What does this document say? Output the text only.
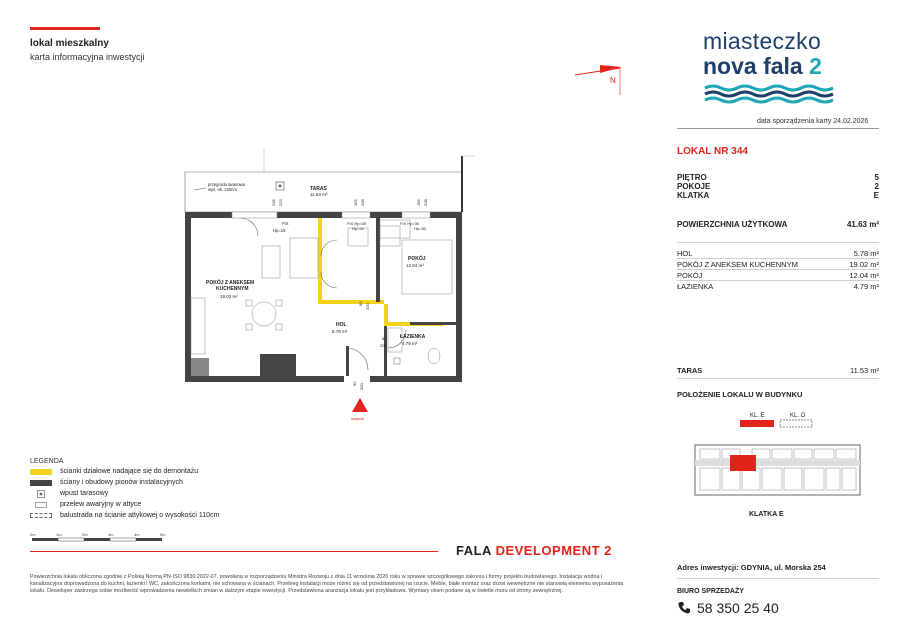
lokal mieszkalny
karta informacyjna inwestycji
N
miasteczko
nova fala 2
data sporządzenia karty 24.02.2026
LOKAL NR 344
PIĘTRO	5
POKOJE	2
KLATKA	E
POWIERZCHNIA UŻYTKOWA	41.63 m²
HOL	5.78 m²
POKÓJ Z ANEKSEM KUCHENNYM	19.02 m²
POKÓJ	12.04 m²
ŁAZIENKA	4.79 m²
TARAS	11.53 m²
POŁOŻENIE LOKALU W BUDYNKU
KL. E	KL. O
KLATKA E
przegroda tarasowa
wys. ok. 220cm	TARAS
11.53 m²
235 223	155 208	155 208
FIX
Hp=15
FIX Hp=30
Hp=30
FIX Hp=30
Hp=30
POKÓJ Z ANEKSEM
KUCHENNYM
19.02 m²
POKÓJ
12.04 m²
HOL
5.78 m²
ŁAZIENKA
4.79 m²
90 200
80
200
90 200
wejście
LEGENDA
ścianki działowe nadające się do demontażu
ściany i obudowy pionów instalacyjnych
wpust tarasowy
przelew awaryjny w attyce
balustrada na ścianie attykowej o wysokości 110cm
0m	1m	2m	3m	4m	5m
FALA DEVELOPMENT 2
Powierzchnia lokalu obliczona zgodnie z Polską Normą PN-ISO 9836:2022-07, powołaną w rozporządzeniu Ministra Rozwoju z dnia 11 września 2020 roku w sprawie szczegółowego zakresu i formy projektu budowlanego. Instalacja wodna i kanalizacyjna doprowadzona do kuchni, łazienki i WC, zakończona korkami, nie schowana w ścianach. Przebieg instalacji może różnić się od przedstawionej na rzucie. Meble, białe montaż oraz drzwi wewnętrzne nie stanowią elementu wyposażenia lokalu. Deweloper zastrzega sobie możliwość wprowadzenia niewielkich zmian w dalszym etapie inwestycji. Przedstawiona aranżacja lokalu jest przykładowa. Wymiary okien podane są w świetle muru od strony zewnętrznej.
Adres inwestycji: GDYNIA, ul. Morska 254
BIURO SPRZEDAŻY
58 350 25 40
